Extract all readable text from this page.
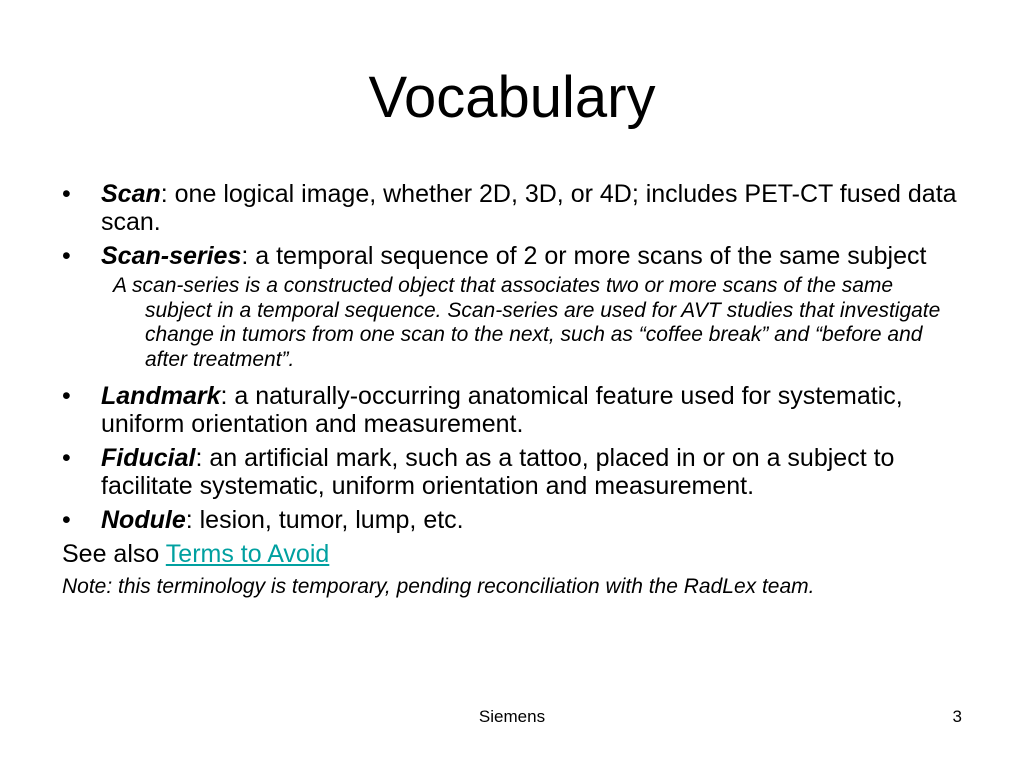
Vocabulary
•	Scan: one logical image, whether 2D, 3D, or 4D; includes PET-CT fused data scan.
•	Scan-series: a temporal sequence of 2 or more scans of the same subject
A scan-series is a constructed object that associates two or more scans of the same subject in a temporal sequence. Scan-series are used for AVT studies that investigate change in tumors from one scan to the next, such as “coffee break” and “before and after treatment”.
•	Landmark: a naturally-occurring anatomical feature used for systematic, uniform orientation and measurement.
•	Fiducial: an artificial mark, such as a tattoo, placed in or on a subject to facilitate systematic, uniform orientation and measurement.
•	Nodule: lesion, tumor, lump, etc.
See also Terms to Avoid
Note: this terminology is temporary, pending reconciliation with the RadLex team.
Siemens	3
